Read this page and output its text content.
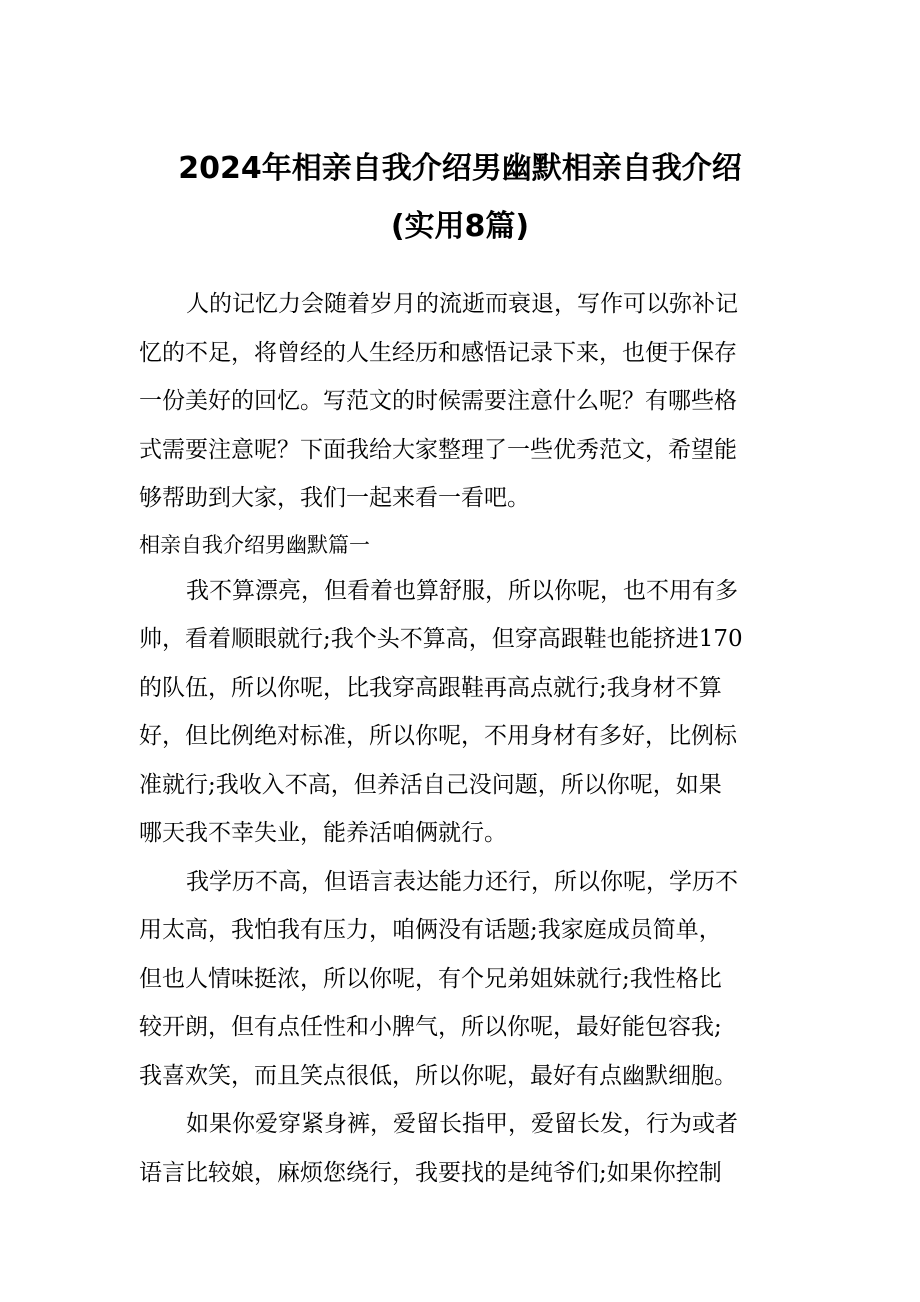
2024年相亲自我介绍男幽默相亲自我介绍
(实用8篇)
人的记忆力会随着岁月的流逝而衰退，写作可以弥补记
忆的不足，将曾经的人生经历和感悟记录下来，也便于保存
一份美好的回忆。写范文的时候需要注意什么呢？有哪些格
式需要注意呢？下面我给大家整理了一些优秀范文，希望能
够帮助到大家，我们一起来看一看吧。
相亲自我介绍男幽默篇一
我不算漂亮，但看着也算舒服，所以你呢，也不用有多
帅，看着顺眼就行;我个头不算高，但穿高跟鞋也能挤进170
的队伍，所以你呢，比我穿高跟鞋再高点就行;我身材不算
好，但比例绝对标准，所以你呢，不用身材有多好，比例标
准就行;我收入不高，但养活自己没问题，所以你呢，如果
哪天我不幸失业，能养活咱俩就行。
我学历不高，但语言表达能力还行，所以你呢，学历不
用太高，我怕我有压力，咱俩没有话题;我家庭成员简单，
但也人情味挺浓，所以你呢，有个兄弟姐妹就行;我性格比
较开朗，但有点任性和小脾气，所以你呢，最好能包容我;
我喜欢笑，而且笑点很低，所以你呢，最好有点幽默细胞。
如果你爱穿紧身裤，爱留长指甲，爱留长发，行为或者
语言比较娘，麻烦您绕行，我要找的是纯爷们;如果你控制
